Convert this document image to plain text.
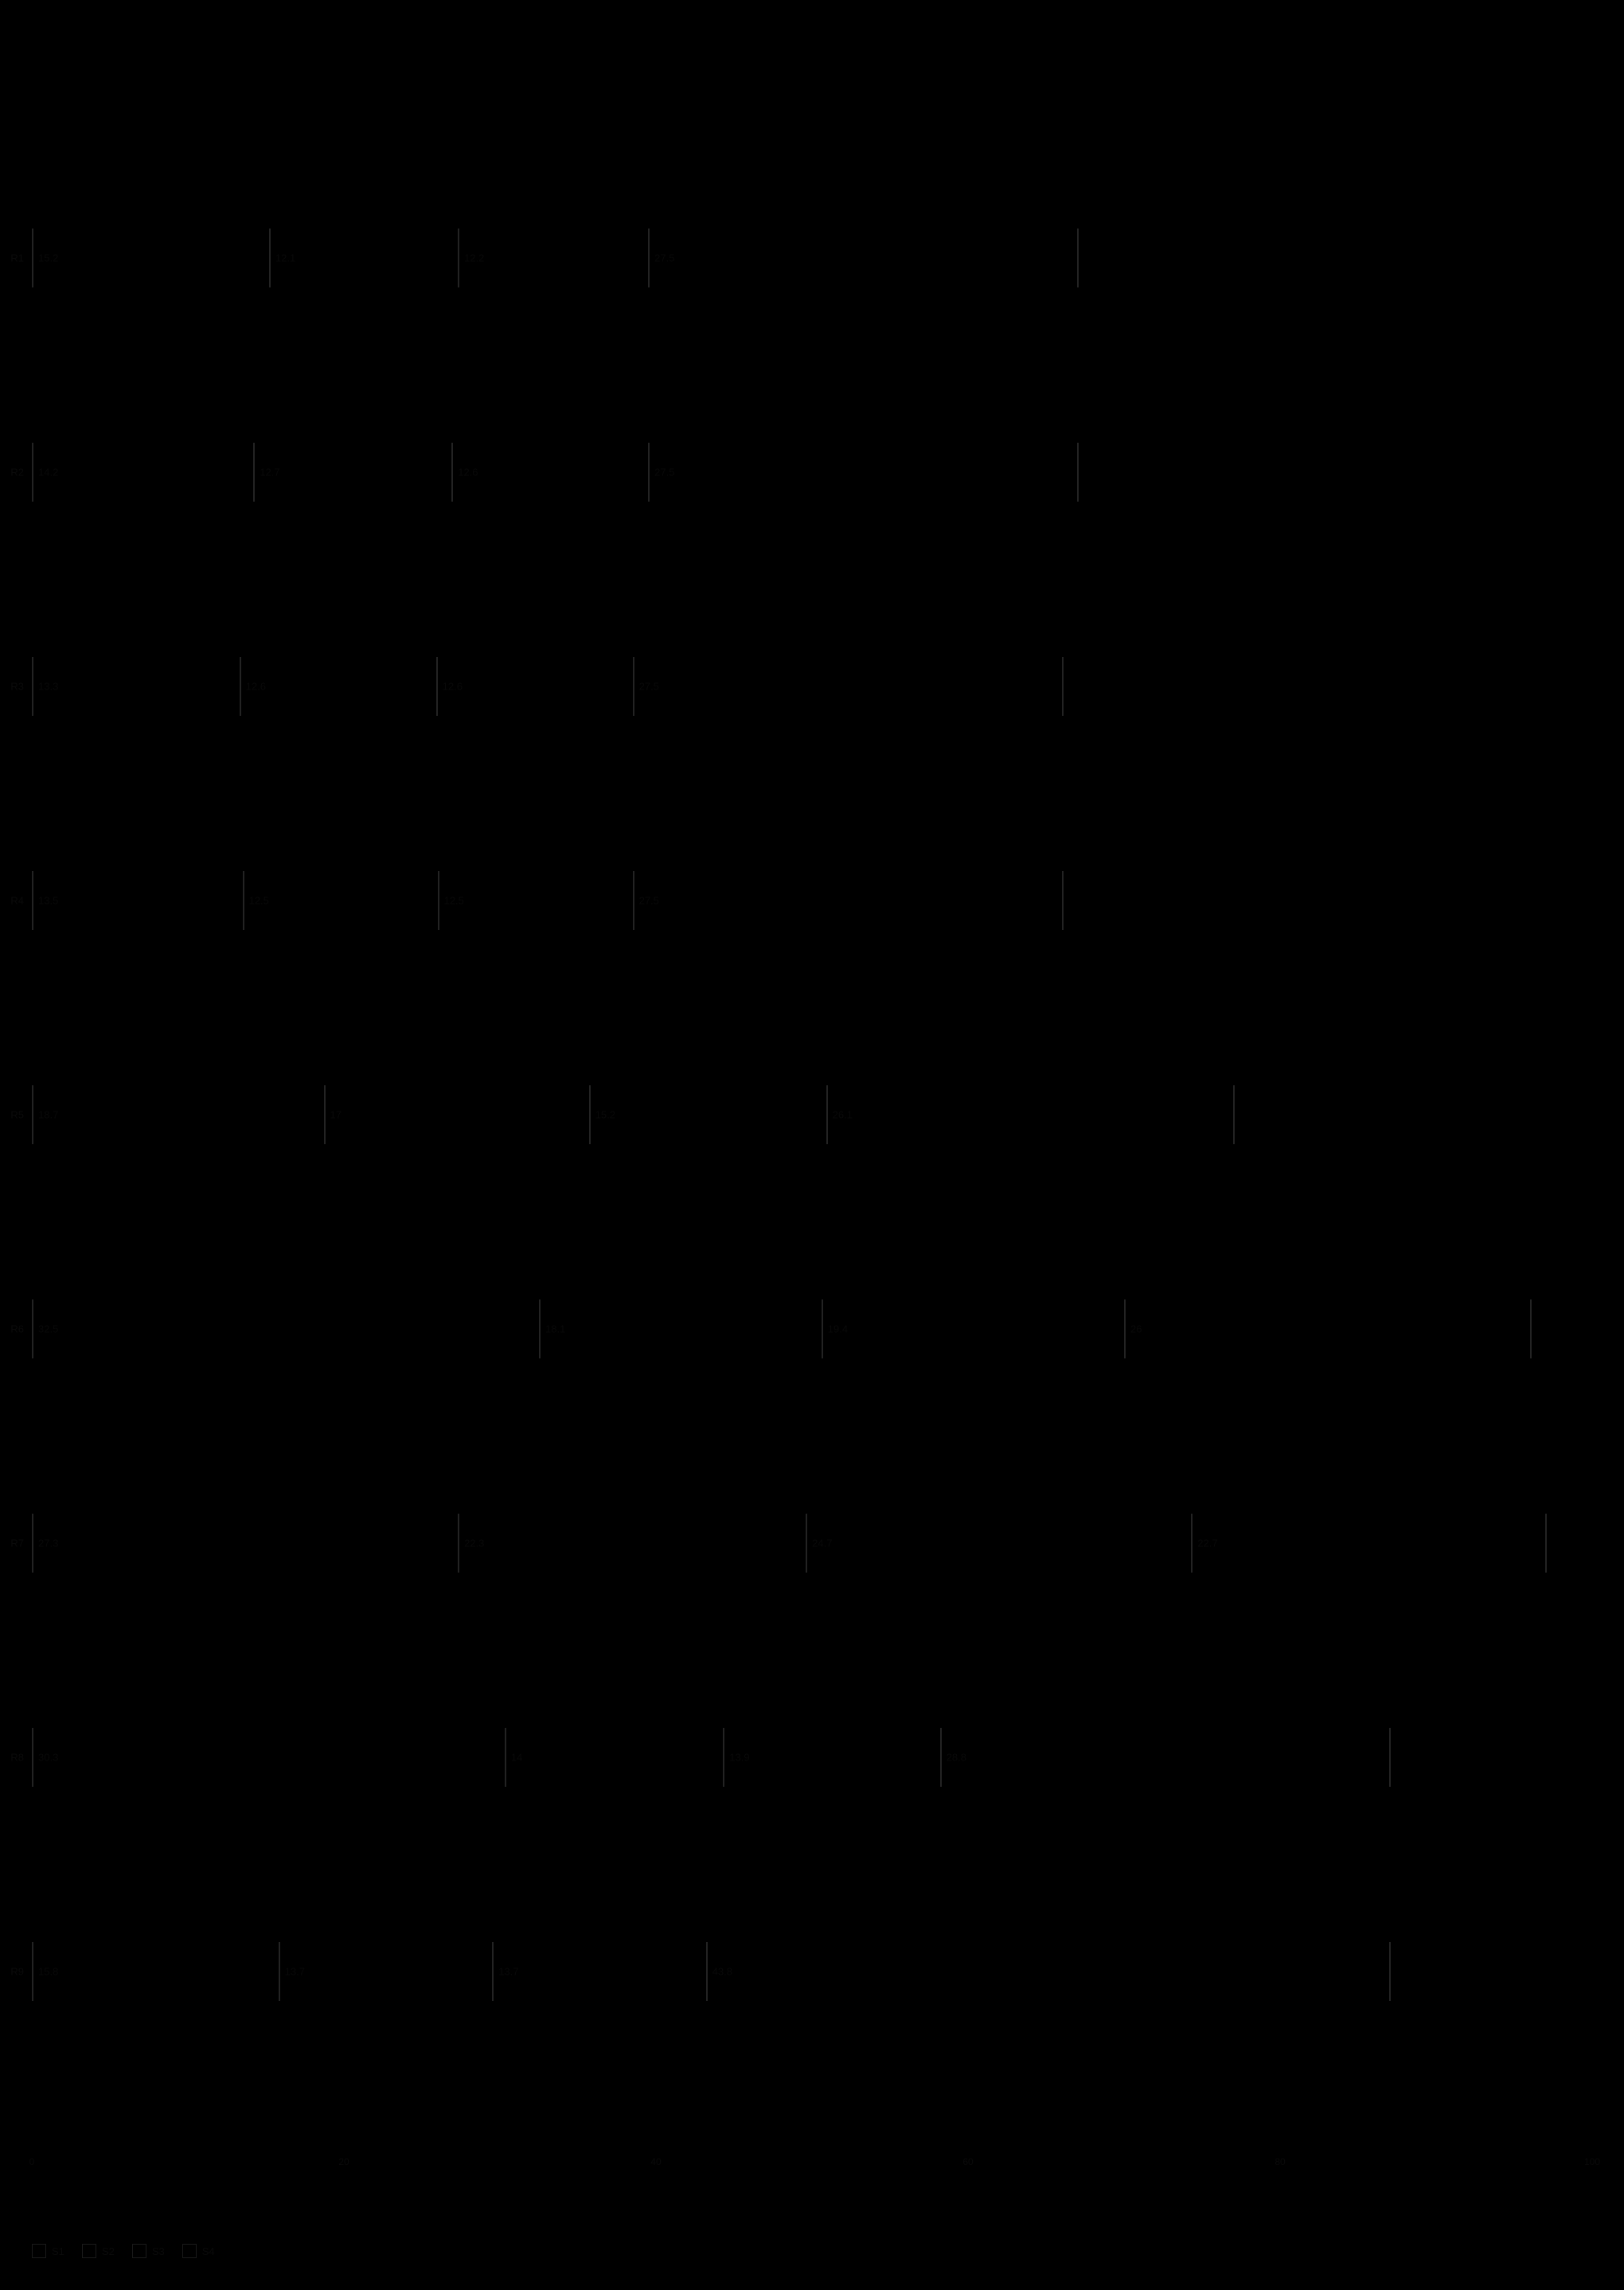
R1 15.2	12.1	12.2	27.5
R2 14.2	12.7	12.6	27.5
R3 13.3	12.6	12.6	27.5
R4 13.5	12.5	12.5	27.5
R5 18.7	17	15.2	26.1
R6 32.5	18.1	19.4	26
R7 27.3	22.3	24.7	22.7
R8 30.3	14	13.9	28.8
R9 15.8	13.7	13.7	43.8
0	20	40	60	80	100
S1	S2	S3	S4
